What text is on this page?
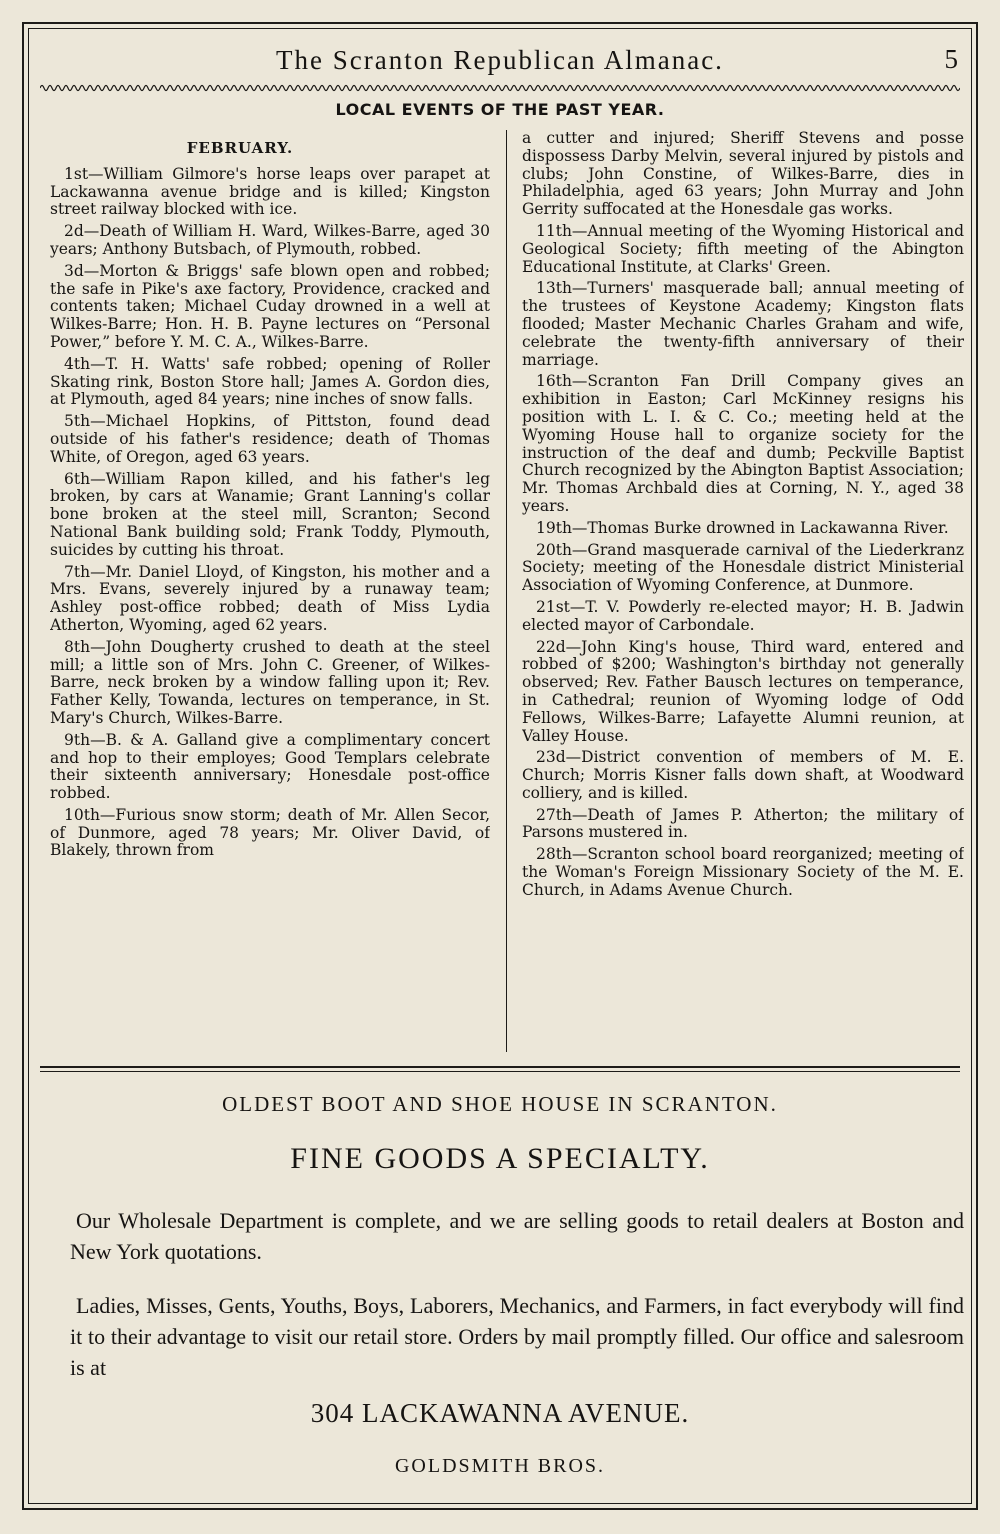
The Scranton Republican Almanac.	5
LOCAL EVENTS OF THE PAST YEAR.
FEBRUARY.

1st—William Gilmore's horse leaps over parapet at Lackawanna avenue bridge and is killed; Kingston street railway blocked with ice.

2d—Death of William H. Ward, Wilkes-Barre, aged 30 years; Anthony Butsbach, of Plymouth, robbed.

3d—Morton & Briggs' safe blown open and robbed; the safe in Pike's axe factory, Providence, cracked and contents taken; Michael Cuday drowned in a well at Wilkes-Barre; Hon. H. B. Payne lectures on “Personal Power,” before Y. M. C. A., Wilkes-Barre.

4th—T. H. Watts' safe robbed; opening of Roller Skating rink, Boston Store hall; James A. Gordon dies, at Plymouth, aged 84 years; nine inches of snow falls.

5th—Michael Hopkins, of Pittston, found dead outside of his father's residence; death of Thomas White, of Oregon, aged 63 years.

6th—William Rapon killed, and his father's leg broken, by cars at Wanamie; Grant Lanning's collar bone broken at the steel mill, Scranton; Second National Bank building sold; Frank Toddy, Plymouth, suicides by cutting his throat.

7th—Mr. Daniel Lloyd, of Kingston, his mother and a Mrs. Evans, severely injured by a runaway team; Ashley post-office robbed; death of Miss Lydia Atherton, Wyoming, aged 62 years.

8th—John Dougherty crushed to death at the steel mill; a little son of Mrs. John C. Greener, of Wilkes-Barre, neck broken by a window falling upon it; Rev. Father Kelly, Towanda, lectures on temperance, in St. Mary's Church, Wilkes-Barre.

9th—B. & A. Galland give a complimentary concert and hop to their employes; Good Templars celebrate their sixteenth anniversary; Honesdale post-office robbed.

10th—Furious snow storm; death of Mr. Allen Secor, of Dunmore, aged 78 years; Mr. Oliver David, of Blakely, thrown from

a cutter and injured; Sheriff Stevens and posse dispossess Darby Melvin, several injured by pistols and clubs; John Constine, of Wilkes-Barre, dies in Philadelphia, aged 63 years; John Murray and John Gerrity suffocated at the Honesdale gas works.

11th—Annual meeting of the Wyoming Historical and Geological Society; fifth meeting of the Abington Educational Institute, at Clarks' Green.

13th—Turners' masquerade ball; annual meeting of the trustees of Keystone Academy; Kingston flats flooded; Master Mechanic Charles Graham and wife, celebrate the twenty-fifth anniversary of their marriage.

16th—Scranton Fan Drill Company gives an exhibition in Easton; Carl McKinney resigns his position with L. I. & C. Co.; meeting held at the Wyoming House hall to organize society for the instruction of the deaf and dumb; Peckville Baptist Church recognized by the Abington Baptist Association; Mr. Thomas Archbald dies at Corning, N. Y., aged 38 years.

19th—Thomas Burke drowned in Lackawanna River.

20th—Grand masquerade carnival of the Liederkranz Society; meeting of the Honesdale district Ministerial Association of Wyoming Conference, at Dunmore.

21st—T. V. Powderly re-elected mayor; H. B. Jadwin elected mayor of Carbondale.

22d—John King's house, Third ward, entered and robbed of $200; Washington's birthday not generally observed; Rev. Father Bausch lectures on temperance, in Cathedral; reunion of Wyoming lodge of Odd Fellows, Wilkes-Barre; Lafayette Alumni reunion, at Valley House.

23d—District convention of members of M. E. Church; Morris Kisner falls down shaft, at Woodward colliery, and is killed.

27th—Death of James P. Atherton; the military of Parsons mustered in.

28th—Scranton school board reorganized; meeting of the Woman's Foreign Missionary Society of the M. E. Church, in Adams Avenue Church.

OLDEST BOOT AND SHOE HOUSE IN SCRANTON.
FINE GOODS A SPECIALTY.
Our Wholesale Department is complete, and we are selling goods to retail dealers at Boston and New York quotations.
Ladies, Misses, Gents, Youths, Boys, Laborers, Mechanics, and Farmers, in fact everybody will find it to their advantage to visit our retail store. Orders by mail promptly filled. Our office and salesroom is at
304 LACKAWANNA AVENUE.
GOLDSMITH BROS.
